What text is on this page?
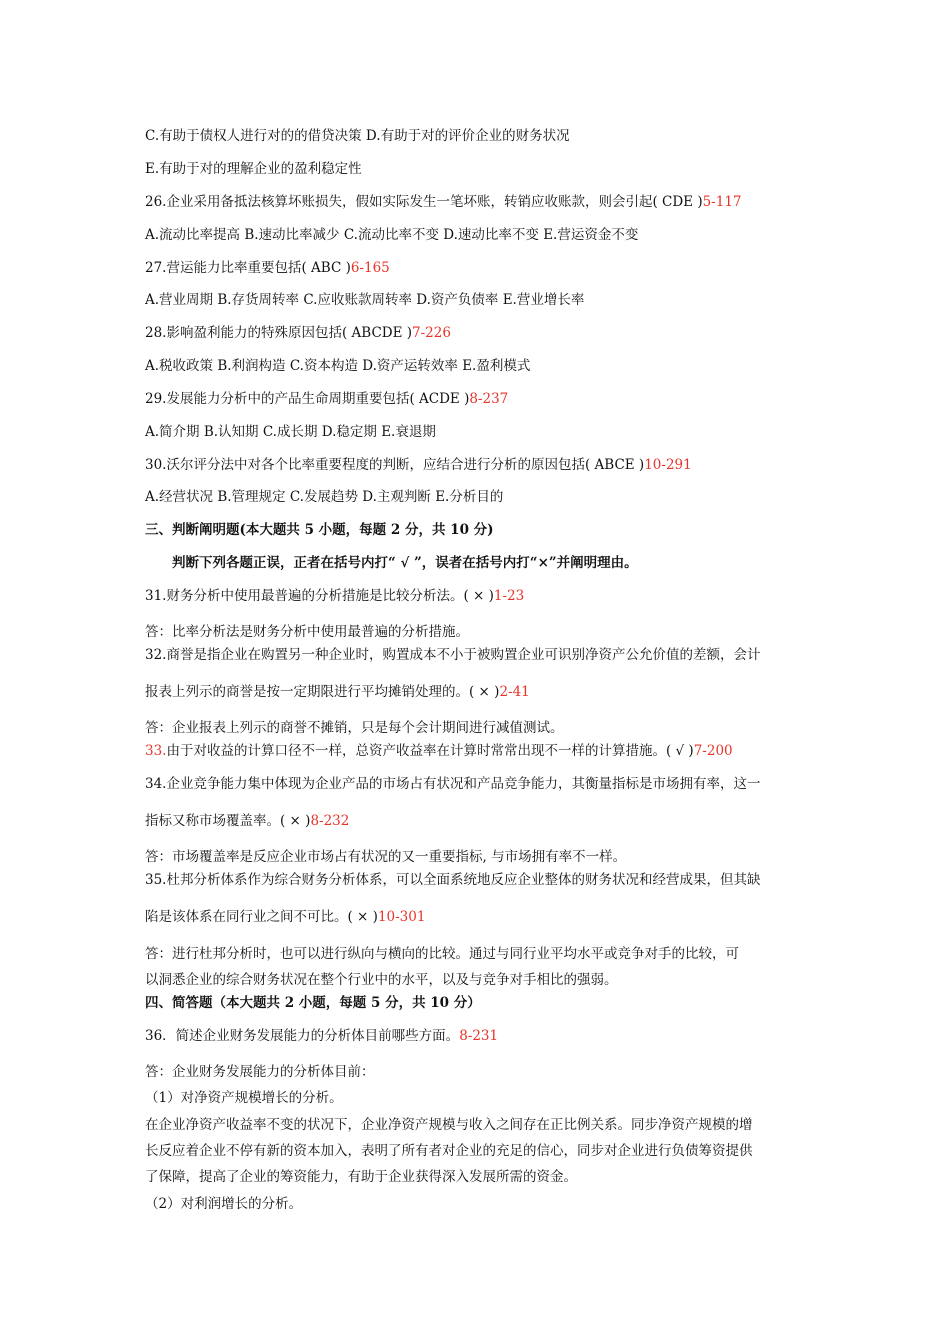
C.有助于债权人进行对的的借贷决策 D.有助于对的评价企业的财务状况
E.有助于对的理解企业的盈利稳定性
26.企业采用备抵法核算坏账损失，假如实际发生一笔坏账，转销应收账款，则会引起( CDE )5-117
A.流动比率提高 B.速动比率减少 C.流动比率不变 D.速动比率不变 E.营运资金不变
27.营运能力比率重要包括( ABC )6-165
A.营业周期 B.存货周转率 C.应收账款周转率 D.资产负债率 E.营业增长率
28.影响盈利能力的特殊原因包括( ABCDE )7-226
A.税收政策 B.利润构造 C.资本构造 D.资产运转效率 E.盈利模式
29.发展能力分析中的产品生命周期重要包括( ACDE )8-237
A.简介期 B.认知期 C.成长期 D.稳定期 E.衰退期
30.沃尔评分法中对各个比率重要程度的判断，应结合进行分析的原因包括( ABCE )10-291
A.经营状况 B.管理规定 C.发展趋势 D.主观判断 E.分析目的
三、判断阐明题(本大题共 5 小题，每题 2 分，共 10 分)
判断下列各题正误，正者在括号内打“ √ ”，误者在括号内打“×”并阐明理由。
31.财务分析中使用最普遍的分析措施是比较分析法。( × )1-23
答：比率分析法是财务分析中使用最普遍的分析措施。
32.商誉是指企业在购置另一种企业时，购置成本不小于被购置企业可识别净资产公允价值的差额，会计
报表上列示的商誉是按一定期限进行平均摊销处理的。( × )2-41
答：企业报表上列示的商誉不摊销，只是每个会计期间进行减值测试。
33.由于对收益的计算口径不一样，总资产收益率在计算时常常出现不一样的计算措施。( √ )7-200
34.企业竞争能力集中体现为企业产品的市场占有状况和产品竞争能力，其衡量指标是市场拥有率，这一
指标又称市场覆盖率。( × )8-232
答：市场覆盖率是反应企业市场占有状况的又一重要指标, 与市场拥有率不一样。
35.杜邦分析体系作为综合财务分析体系，可以全面系统地反应企业整体的财务状况和经营成果，但其缺
陷是该体系在同行业之间不可比。( × )10-301
答：进行杜邦分析时，也可以进行纵向与横向的比较。通过与同行业平均水平或竞争对手的比较，可
以洞悉企业的综合财务状况在整个行业中的水平，以及与竞争对手相比的强弱。
四、简答题（本大题共 2 小题，每题 5 分，共 10 分）
36．简述企业财务发展能力的分析体目前哪些方面。8-231
答：企业财务发展能力的分析体目前：
（1）对净资产规模增长的分析。
在企业净资产收益率不变的状况下，企业净资产规模与收入之间存在正比例关系。同步净资产规模的增
长反应着企业不停有新的资本加入，表明了所有者对企业的充足的信心，同步对企业进行负债筹资提供
了保障，提高了企业的筹资能力，有助于企业获得深入发展所需的资金。
（2）对利润增长的分析。
